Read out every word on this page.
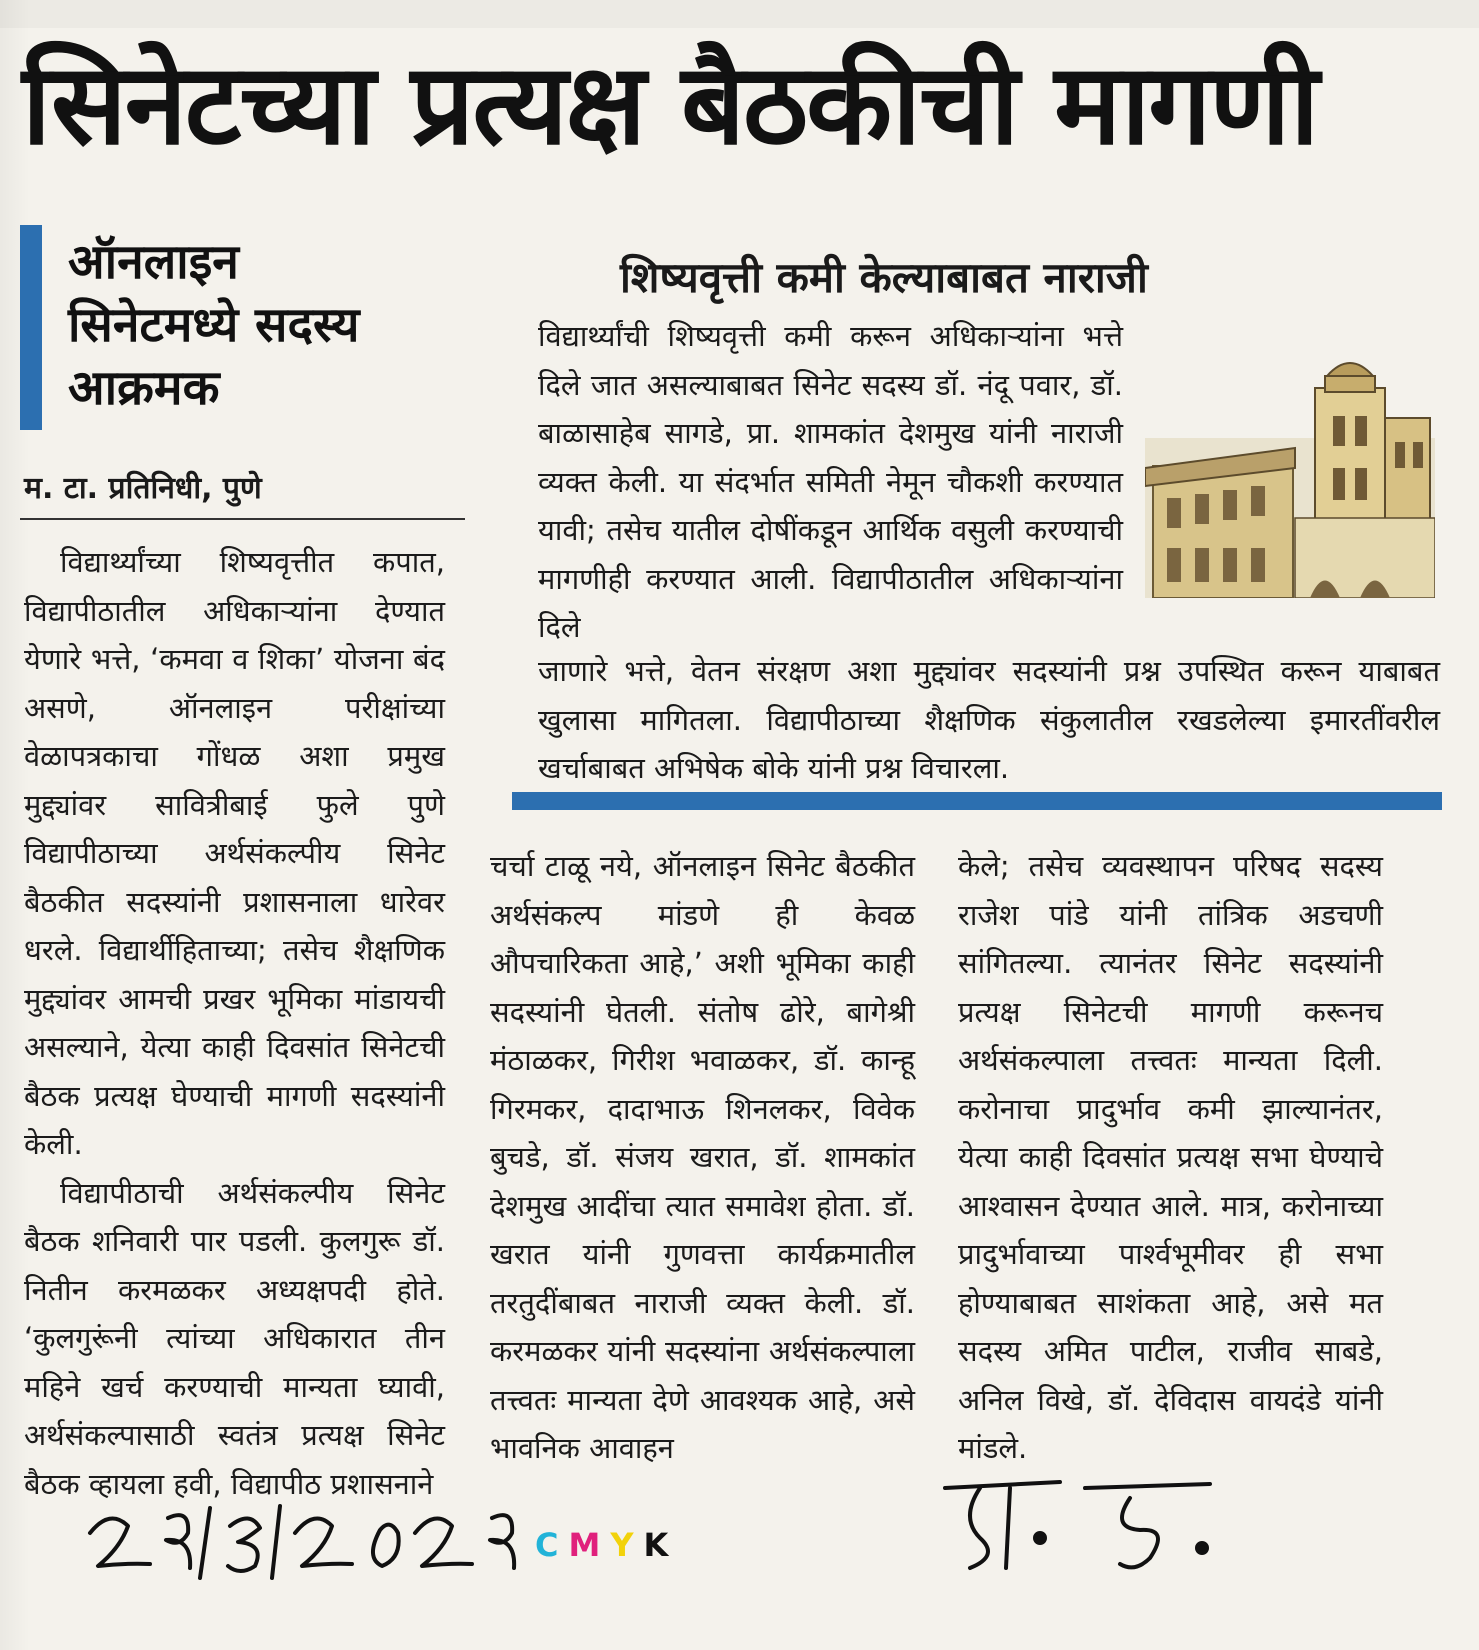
सिनेटच्या प्रत्यक्ष बैठकीची मागणी
ऑनलाइन
सिनेटमध्ये सदस्य
आक्रमक
म. टा. प्रतिनिधी, पुणे
शिष्यवृत्ती कमी केल्याबाबत नाराजी
विद्यार्थ्यांची शिष्यवृत्ती कमी करून अधिकाऱ्यांना भत्ते दिले जात असल्याबाबत सिनेट सदस्य डॉ. नंदू पवार, डॉ. बाळासाहेब सागडे, प्रा. शामकांत देशमुख यांनी नाराजी व्यक्त केली. या संदर्भात समिती नेमून चौकशी करण्यात यावी; तसेच यातील दोषींकडून आर्थिक वसुली करण्याची मागणीही करण्यात आली. विद्यापीठातील अधिकाऱ्यांना दिले
जाणारे भत्ते, वेतन संरक्षण अशा मुद्द्यांवर सदस्यांनी प्रश्न उपस्थित करून याबाबत खुलासा मागितला. विद्यापीठाच्या शैक्षणिक संकुलातील रखडलेल्या इमारतींवरील खर्चाबाबत अभिषेक बोके यांनी प्रश्न विचारला.

विद्यार्थ्यांच्या शिष्यवृत्तीत कपात, विद्यापीठातील अधिकाऱ्यांना देण्यात येणारे भत्ते, ‘कमवा व शिका’ योजना बंद असणे, ऑनलाइन परीक्षांच्या वेळापत्रकाचा गोंधळ अशा प्रमुख मुद्द्यांवर सावित्रीबाई फुले पुणे विद्यापीठाच्या अर्थसंकल्पीय सिनेट बैठकीत सदस्यांनी प्रशासनाला धारेवर धरले. विद्यार्थीहिताच्या; तसेच शैक्षणिक मुद्द्यांवर आमची प्रखर भूमिका मांडायची असल्याने, येत्या काही दिवसांत सिनेटची बैठक प्रत्यक्ष घेण्याची मागणी सदस्यांनी केली.

विद्यापीठाची अर्थसंकल्पीय सिनेट बैठक शनिवारी पार पडली. कुलगुरू डॉ. नितीन करमळकर अध्यक्षपदी होते. ‘कुलगुरूंनी त्यांच्या अधिकारात तीन महिने खर्च करण्याची मान्यता घ्यावी, अर्थसंकल्पासाठी स्वतंत्र प्रत्यक्ष सिनेट बैठक व्हायला हवी, विद्यापीठ प्रशासनाने

चर्चा टाळू नये, ऑनलाइन सिनेट बैठकीत अर्थसंकल्प मांडणे ही केवळ औपचारिकता आहे,’ अशी भूमिका काही सदस्यांनी घेतली. संतोष ढोरे, बागेश्री मंठाळकर, गिरीश भवाळकर, डॉ. कान्हू गिरमकर, दादाभाऊ शिनलकर, विवेक बुचडे, डॉ. संजय खरात, डॉ. शामकांत देशमुख आदींचा त्यात समावेश होता. डॉ. खरात यांनी गुणवत्ता कार्यक्रमातील तरतुदींबाबत नाराजी व्यक्त केली. डॉ. करमळकर यांनी सदस्यांना अर्थसंकल्पाला तत्त्वतः मान्यता देणे आवश्यक आहे, असे भावनिक आवाहन

केले; तसेच व्यवस्थापन परिषद सदस्य राजेश पांडे यांनी तांत्रिक अडचणी सांगितल्या. त्यानंतर सिनेट सदस्यांनी प्रत्यक्ष सिनेटची मागणी करूनच अर्थसंकल्पाला तत्त्वतः मान्यता दिली. करोनाचा प्रादुर्भाव कमी झाल्यानंतर, येत्या काही दिवसांत प्रत्यक्ष सभा घेण्याचे आश्वासन देण्यात आले. मात्र, करोनाच्या प्रादुर्भावाच्या पार्श्वभूमीवर ही सभा होण्याबाबत साशंकता आहे, असे मत सदस्य अमित पाटील, राजीव साबडे, अनिल विखे, डॉ. देविदास वायदंडे यांनी मांडले.

CMYK
